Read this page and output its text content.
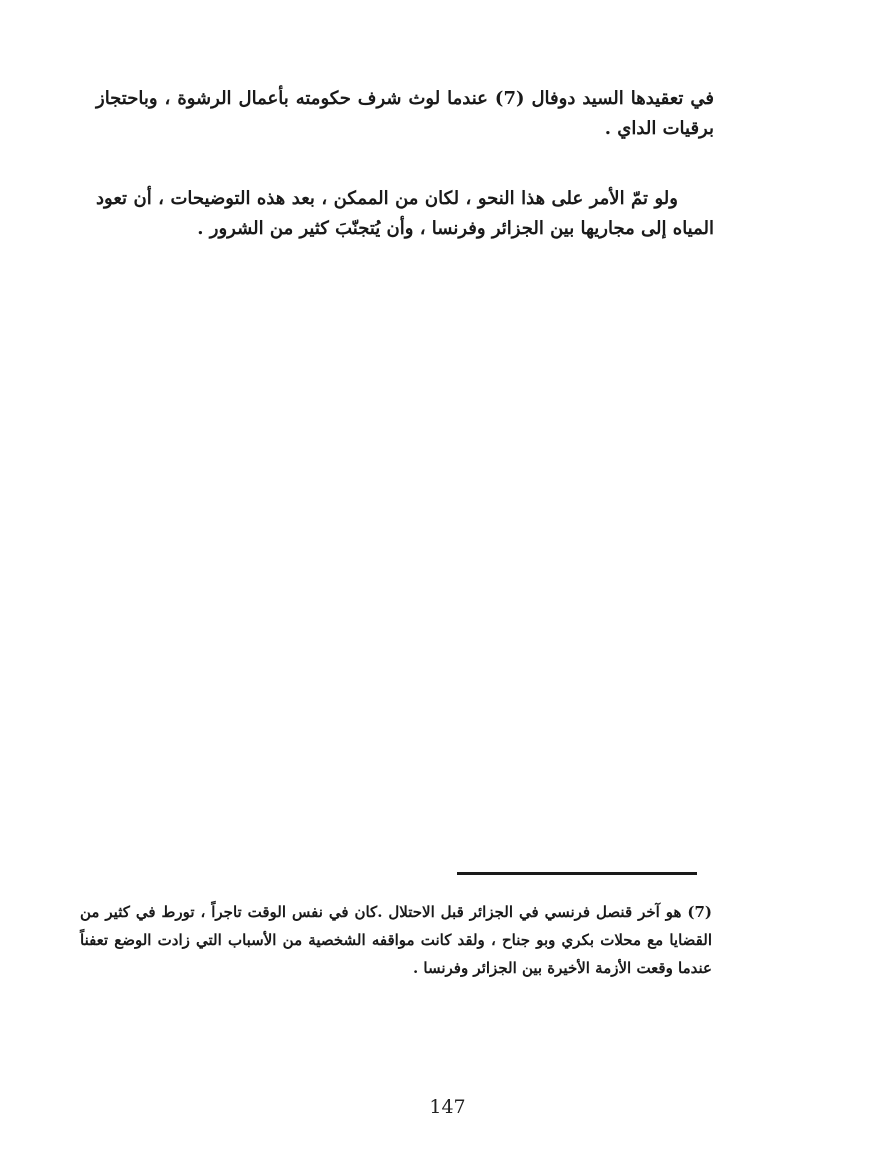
في تعقيدها السيد دوفال (7) عندما لوث شرف حكومته بأعمال الرشوة ، وباحتجاز برقيات الداي .

ولو تمّ الأمر على هذا النحو ، لكان من الممكن ، بعد هذه التوضيحات ، أن تعود المياه إلى مجاريها بين الجزائر وفرنسا ، وأن يُتجنّبَ كثير من الشرور .

(7) هو آخر قنصل فرنسي في الجزائر قبل الاحتلال .كان في نفس الوقت تاجراً ، تورط في كثير من القضايا مع محلات بكري وبو جناح ، ولقد كانت مواقفه الشخصية من الأسباب التي زادت الوضع تعفناً عندما وقعت الأزمة الأخيرة بين الجزائر وفرنسا .

147
